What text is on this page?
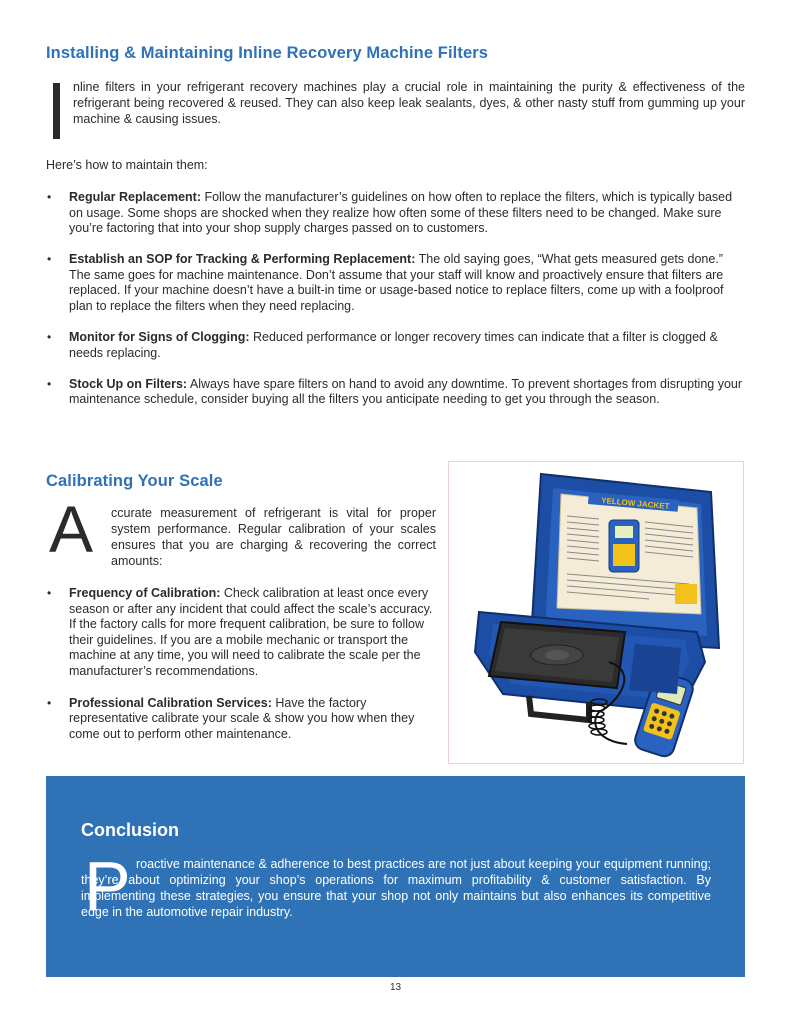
Installing & Maintaining Inline Recovery Machine Filters

nline filters in your refrigerant recovery machines play a crucial role in maintaining the purity & effectiveness of the refrigerant being recovered & reused. They can also keep leak sealants, dyes, & other nasty stuff from gumming up your machine & causing issues.

Here’s how to maintain them:

• Regular Replacement: Follow the manufacturer’s guidelines on how often to replace the filters, which is typically based on usage. Some shops are shocked when they realize how often some of these filters need to be changed. Make sure you’re factoring that into your shop supply charges passed on to customers.
• Establish an SOP for Tracking & Performing Replacement: The old saying goes, “What gets measured gets done.” The same goes for machine maintenance. Don’t assume that your staff will know and proactively ensure that filters are replaced. If your machine doesn’t have a built-in time or usage-based notice to replace filters, come up with a foolproof plan to replace the filters when they need replacing.
• Monitor for Signs of Clogging: Reduced performance or longer recovery times can indicate that a filter is clogged & needs replacing.
• Stock Up on Filters: Always have spare filters on hand to avoid any downtime. To prevent shortages from disrupting your maintenance schedule, consider buying all the filters you anticipate needing to get you through the season.
Calibrating Your Scale
A ccurate measurement of refrigerant is vital for proper system performance. Regular calibration of your scales ensures that you are charging & recovering the correct amounts:

• Frequency of Calibration: Check calibration at least once every season or after any incident that could affect the scale’s accuracy. If the factory calls for more frequent calibration, be sure to follow their guidelines. If you are a mobile mechanic or transport the machine at any time, you will need to calibrate the scale per the manufacturer’s recommendations.
• Professional Calibration Services: Have the factory representative calibrate your scale & show you how when they come out to perform other maintenance.
YELLOW JACKET
Conclusion
P roactive maintenance & adherence to best practices are not just about keeping your equipment running; they’re about optimizing your shop’s operations for maximum profitability & customer satisfaction. By implementing these strategies, you ensure that your shop not only maintains but also enhances its competitive edge in the automotive repair industry.

13
